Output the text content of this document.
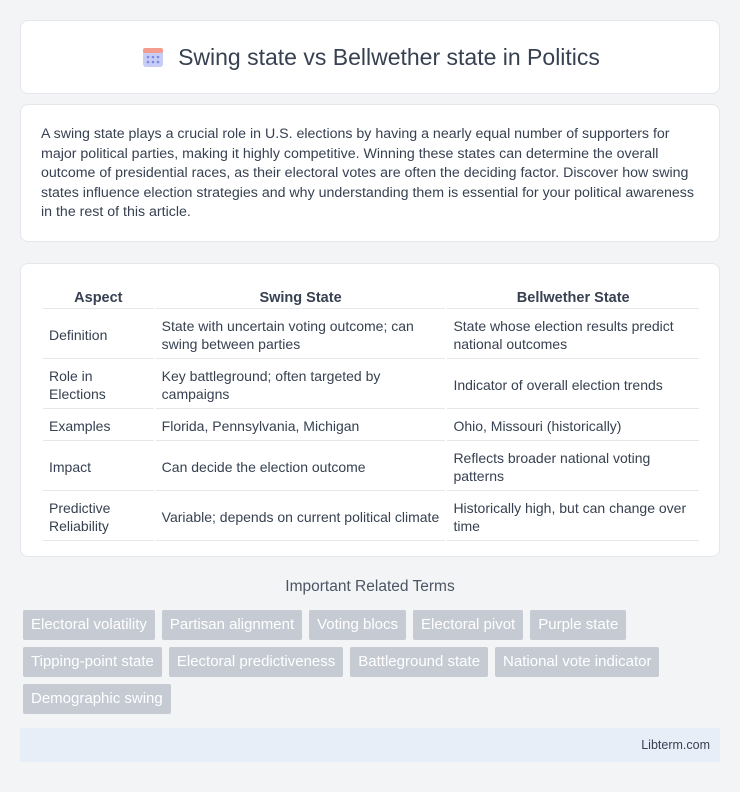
Swing state vs Bellwether state in Politics

A swing state plays a crucial role in U.S. elections by having a nearly equal number of supporters for major political parties, making it highly competitive. Winning these states can determine the overall outcome of presidential races, as their electoral votes are often the deciding factor. Discover how swing states influence election strategies and why understanding them is essential for your political awareness in the rest of this article.

Aspect	Swing State	Bellwether State
Definition	State with uncertain voting outcome; can swing between parties	State whose election results predict national outcomes
Role in Elections	Key battleground; often targeted by campaigns	Indicator of overall election trends
Examples	Florida, Pennsylvania, Michigan	Ohio, Missouri (historically)
Impact	Can decide the election outcome	Reflects broader national voting patterns
Predictive Reliability	Variable; depends on current political climate	Historically high, but can change over time
Important Related Terms
Electoral volatility	Partisan alignment	Voting blocs	Electoral pivot	Purple state
Tipping-point state	Electoral predictiveness	Battleground state	National vote indicator
Demographic swing
Libterm.com
